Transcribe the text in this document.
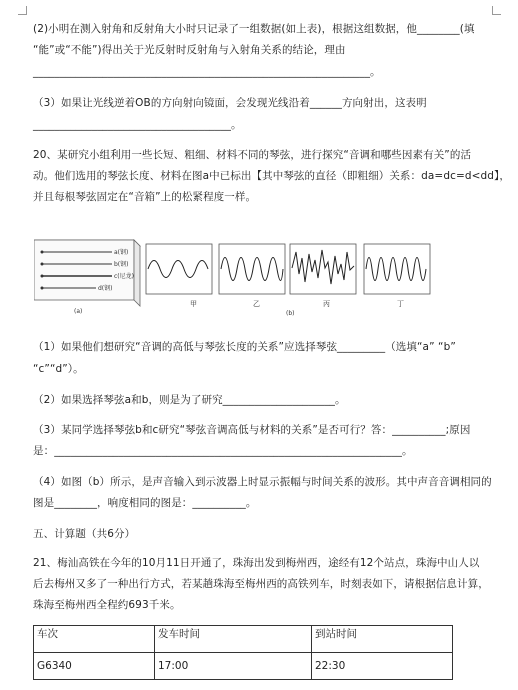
(2)小明在测入射角和反射角大小时只记录了一组数据(如上表)，根据这组数据，他________(填
“能”或“不能”)得出关于光反射时反射角与入射角关系的结论，理由
_______________________________________________________________。
（3）如果让光线逆着OB的方向射向镜面，会发现光线沿着______方向射出，这表明
_____________________________________。
20、某研究小组利用一些长短、粗细、材料不同的琴弦，进行探究“音调和哪些因素有关”的活
动。他们选用的琴弦长度、材料在图a中已标出【其中琴弦的直径（即粗细）关系：da=dc=d<dd】，
并且每根琴弦固定在“音箱”上的松紧程度一样。
a(钢)
b(钢)
c(尼龙)
d(钢)
(a)
甲	乙	丙	丁
(b)
（1）如果他们想研究“音调的高低与琴弦长度的关系”应选择琴弦_________（选填“a” “b”
“c”“d”）。
（2）如果选择琴弦a和b，则是为了研究_____________________。
（3）某同学选择琴弦b和c研究“琴弦音调高低与材料的关系”是否可行？答：__________;原因
是：_________________________________________________________________。
（4）如图（b）所示，是声音输入到示波器上时显示振幅与时间关系的波形。其中声音音调相同的
图是________，响度相同的图是：__________。
五、计算题（共6分）
21、梅汕高铁在今年的10月11日开通了，珠海出发到梅州西，途经有12个站点，珠海中山人以
后去梅州又多了一种出行方式，若某趟珠海至梅州西的高铁列车，时刻表如下，请根据信息计算，
珠海至梅州西全程约693千米。
车次	发车时间	到站时间
G6340	17:00	22:30
